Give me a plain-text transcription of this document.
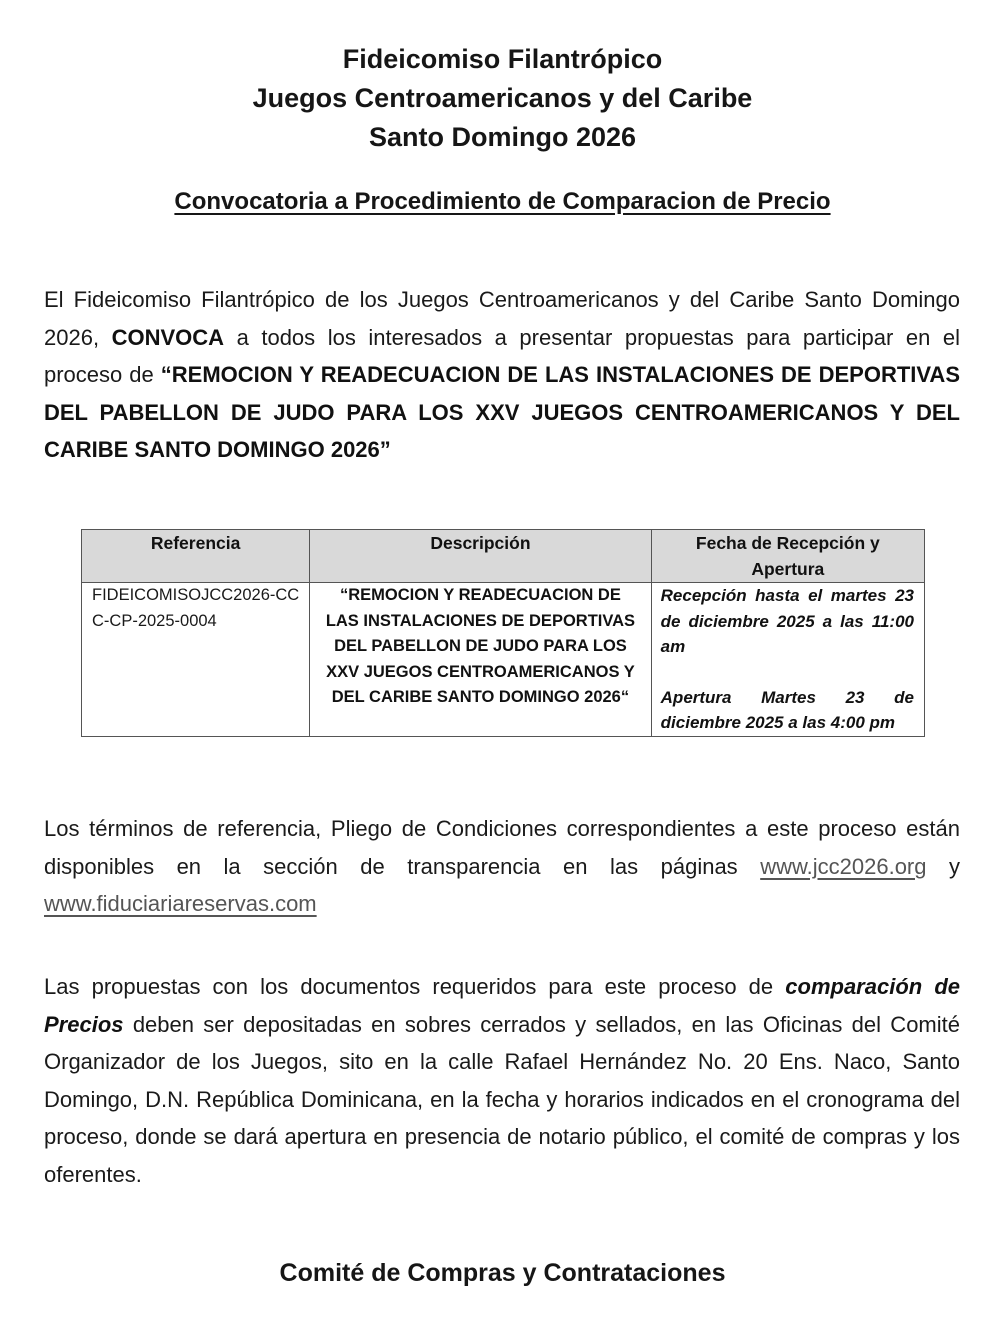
Fideicomiso Filantrópico
Juegos Centroamericanos y del Caribe
Santo Domingo 2026
Convocatoria a Procedimiento de Comparacion de Precio
El Fideicomiso Filantrópico de los Juegos Centroamericanos y del Caribe Santo Domingo 2026, CONVOCA a todos los interesados a presentar propuestas para participar en el proceso de “REMOCION Y READECUACION DE LAS INSTALACIONES DE DEPORTIVAS DEL PABELLON DE JUDO PARA LOS XXV JUEGOS CENTROAMERICANOS Y DEL CARIBE SANTO DOMINGO 2026”
Referencia	Descripción	Fecha de Recepción y Apertura
FIDEICOMISOJCC2026-CCC-CP-2025-0004	“REMOCION Y READECUACION DE LAS INSTALACIONES DE DEPORTIVAS DEL PABELLON DE JUDO PARA LOS XXV JUEGOS CENTROAMERICANOS Y DEL CARIBE SANTO DOMINGO 2026“	Recepción hasta el martes 23 de diciembre 2025 a las 11:00 am

Apertura Martes 23 de diciembre 2025 a las 4:00 pm

Los términos de referencia, Pliego de Condiciones correspondientes a este proceso están disponibles en la sección de transparencia en las páginas www.jcc2026.org y www.fiduciariareservas.com
Las propuestas con los documentos requeridos para este proceso de comparación de Precios deben ser depositadas en sobres cerrados y sellados, en las Oficinas del Comité Organizador de los Juegos, sito en la calle Rafael Hernández No. 20 Ens. Naco, Santo Domingo, D.N. República Dominicana, en la fecha y horarios indicados en el cronograma del proceso, donde se dará apertura en presencia de notario público, el comité de compras y los oferentes.
Comité de Compras y Contrataciones
